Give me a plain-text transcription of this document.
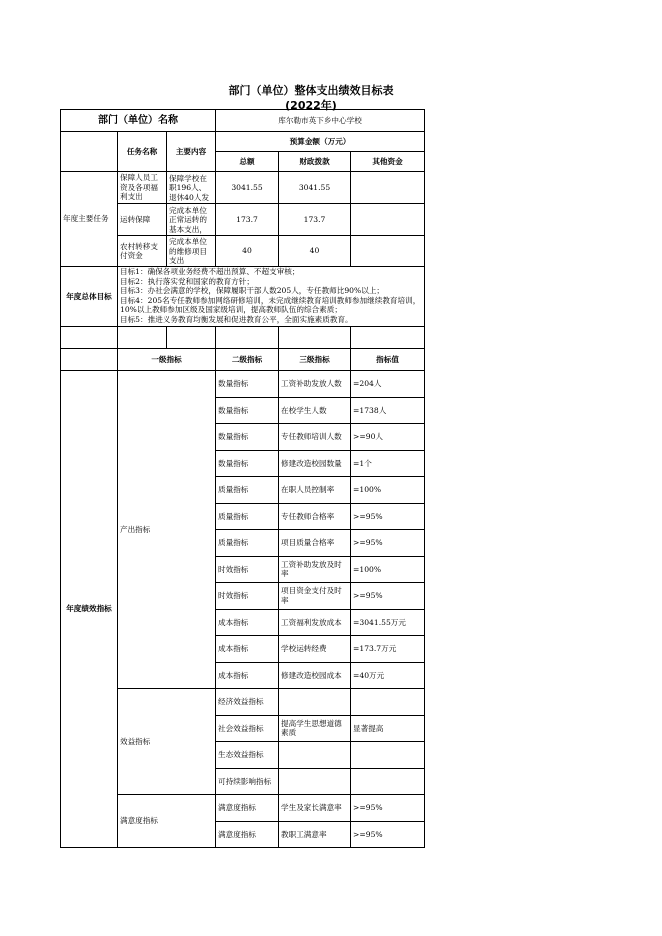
部门（单位）整体支出绩效目标表
(2022年)
部门（单位）名称			库尔勒市英下乡中心学校		
	任务名称	主要内容	预算金额（万元）		
			总额	财政拨款	其他资金
年度主要任务	保障人员工资及各项福利支出	保障学校在职196人、退休40人发	3041.55	3041.55	
	运转保障	完成本单位正常运转的基本支出，	173.7	173.7	
	农村转移支付资金	完成本单位的维修项目支出	40	40	
年度总体目标	目标1：确保各项业务经费不超出预算、不超支审核；
目标2：执行落实党和国家的教育方针；
目标3：办社会满意的学校，保障履职干部人数205人，专任教师比90%以上；
目标4：205名专任教师参加网络研修培训，未完成继续教育培训教师参加继续教育培训，10%以上教师参加区级及国家级培训，提高教师队伍的综合素质；
目标5：推进义务教育均衡发展和促进教育公平，全面实施素质教育。				

	一级指标		二级指标	三级指标	指标值
年度绩效指标	产出指标		数量指标	工资补助发放人数	=204人
			数量指标	在校学生人数	=1738人
			数量指标	专任教师培训人数	>=90人
			数量指标	修建改造校园数量	=1个
			质量指标	在职人员控制率	=100%
			质量指标	专任教师合格率	>=95%
			质量指标	项目质量合格率	>=95%
			时效指标	工资补助发放及时率	=100%
			时效指标	项目资金支付及时率	>=95%
			成本指标	工资福利发放成本	=3041.55万元
			成本指标	学校运转经费	=173.7万元
			成本指标	修建改造校园成本	=40万元
	效益指标		经济效益指标		
			社会效益指标	提高学生思想道德素质	显著提高
			生态效益指标		
			可持续影响指标		
	满意度指标		满意度指标	学生及家长满意率	>=95%
			满意度指标	教职工满意率	>=95%
